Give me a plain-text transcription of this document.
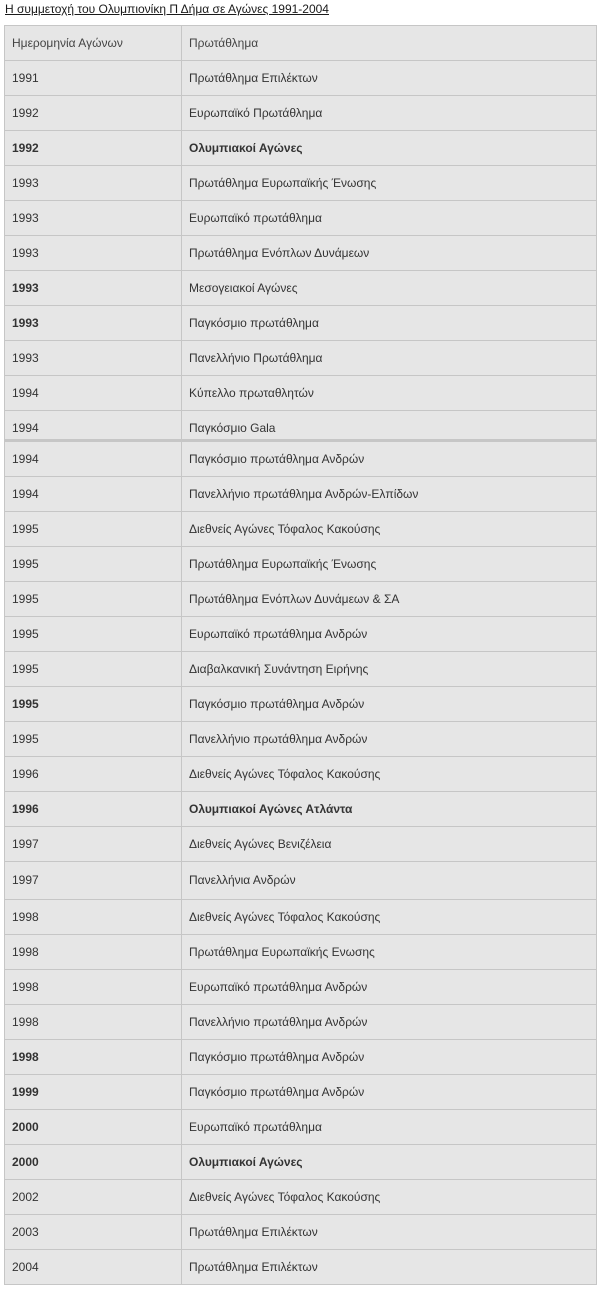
Η συμμετοχή του Ολυμπιονίκη Π Δήμα σε Αγώνες 1991-2004
Ημερομηνία Αγώνων	Πρωτάθλημα
1991	Πρωτάθλημα Επιλέκτων
1992	Ευρωπαϊκό Πρωτάθλημα
1992	Ολυμπιακοί Αγώνες
1993	Πρωτάθλημα Ευρωπαϊκής Ένωσης
1993	Ευρωπαϊκό πρωτάθλημα
1993	Πρωτάθλημα Ενόπλων Δυνάμεων
1993	Μεσογειακοί Αγώνες
1993	Παγκόσμιο πρωτάθλημα
1993	Πανελλήνιο Πρωτάθλημα
1994	Κύπελλο πρωταθλητών
1994	Παγκόσμιο Gala
1994	Παγκόσμιο πρωτάθλημα Ανδρών
1994	Πανελλήνιο πρωτάθλημα Ανδρών-Ελπίδων
1995	Διεθνείς Αγώνες Τόφαλος Κακούσης
1995	Πρωτάθλημα Ευρωπαϊκής Ένωσης
1995	Πρωτάθλημα Ενόπλων Δυνάμεων & ΣΑ
1995	Ευρωπαϊκό πρωτάθλημα Ανδρών
1995	Διαβαλκανική Συνάντηση Ειρήνης
1995	Παγκόσμιο πρωτάθλημα Ανδρών
1995	Πανελλήνιο πρωτάθλημα Ανδρών
1996	Διεθνείς Αγώνες Τόφαλος Κακούσης
1996	Ολυμπιακοί Αγώνες Ατλάντα
1997	Διεθνείς Αγώνες Βενιζέλεια
1997	Πανελλήνια Ανδρών
1998	Διεθνείς Αγώνες Τόφαλος Κακούσης
1998	Πρωτάθλημα Ευρωπαϊκής Ενωσης
1998	Ευρωπαϊκό πρωτάθλημα Ανδρών
1998	Πανελλήνιο πρωτάθλημα Ανδρών
1998	Παγκόσμιο πρωτάθλημα Ανδρών
1999	Παγκόσμιο πρωτάθλημα Ανδρών
2000	Ευρωπαϊκό πρωτάθλημα
2000	Ολυμπιακοί Αγώνες
2002	Διεθνείς Αγώνες Τόφαλος Κακούσης
2003	Πρωτάθλημα Επιλέκτων
2004	Πρωτάθλημα Επιλέκτων
